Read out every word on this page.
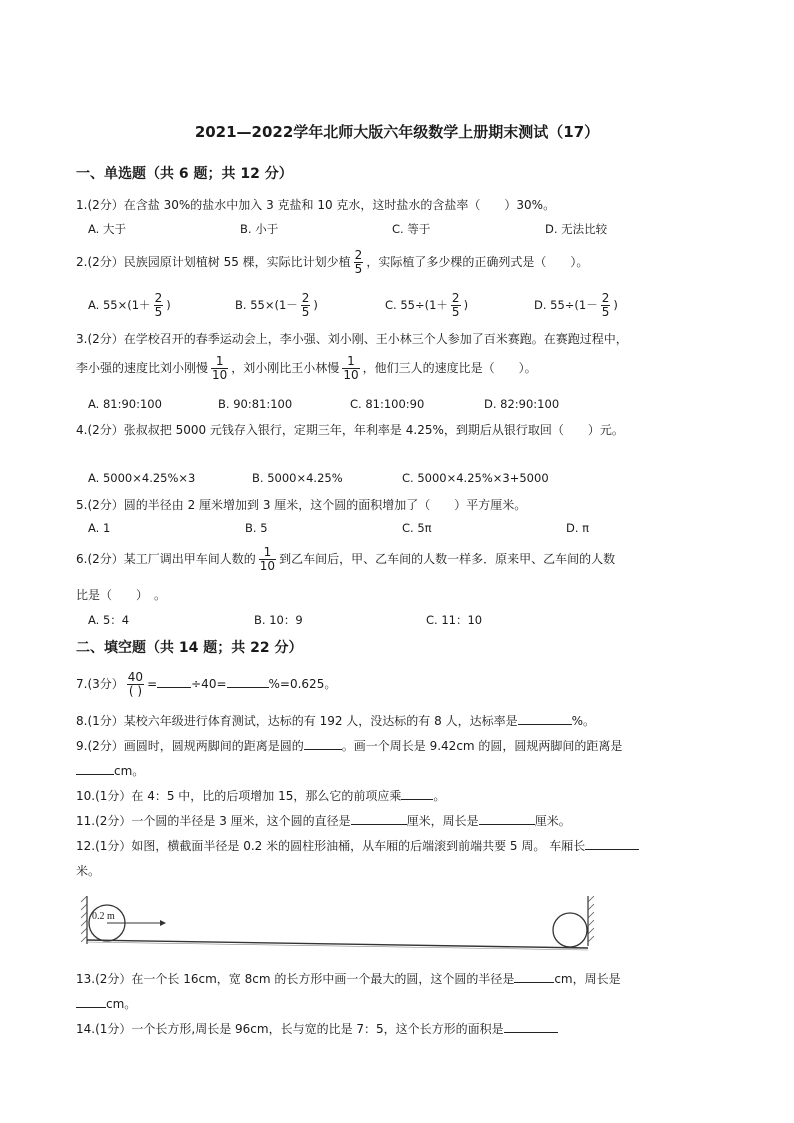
2021—2022学年北师大版六年级数学上册期末测试（17）
一、单选题（共 6 题；共 12 分）
1.(2分）在含盐 30%的盐水中加入 3 克盐和 10 克水，这时盐水的含盐率（　　）30%。
A. 大于	B. 小于	C. 等于	D. 无法比较
2.(2分）民族园原计划植树 55 棵，实际比计划少植 $\frac{2}{5}$ ，实际植了多少棵的正确列式是（　　）。
A. $55\times(1+ \frac{2}{5}$ )	B. $55\times(1- \frac{2}{5}$ )	C. $55\div(1+ \frac{2}{5}$ )	D. $55\div(1- \frac{2}{5}$ )
3.(2分）在学校召开的春季运动会上，李小强、刘小刚、王小林三个人参加了百米赛跑。在赛跑过程中，
李小强的速度比刘小刚慢 $\frac{1}{10}$ ，刘小刚比王小林慢 $\frac{1}{10}$ ，他们三人的速度比是（　　）。
A. 81:90:100	B. 90:81:100	C. 81:100:90	D. 82:90:100
4.(2分）张叔叔把 5000 元钱存入银行，定期三年，年利率是 4.25%，到期后从银行取回（　　）元。
A. 5000×4.25%×3	B. 5000×4.25%	C. 5000×4.25%×3+5000
5.(2分）圆的半径由 2 厘米增加到 3 厘米，这个圆的面积增加了（　　）平方厘米。
A. 1	B. 5	C. 5π	D. π
6.(2分）某工厂调出甲车间人数的 $\frac{1}{10}$ 到乙车间后，甲、乙车间的人数一样多．原来甲、乙车间的人数
比是（　　）　。
A. 5：4	B. 10：9	C. 11：10
二、填空题（共 14 题；共 22 分）
7.(3分） $\frac{40}{( )}$ =	÷40=	%=0.625。
8.(1分）某校六年级进行体育测试，达标的有 192 人，没达标的有 8 人，达标率是	%。
9.(2分）画圆时，圆规两脚间的距离是圆的	。画一个周长是 9.42cm 的圆，圆规两脚间的距离是
cm。
10.(1分）在 4：5 中，比的后项增加 15，那么它的前项应乘	。
11.(2分）一个圆的半径是 3 厘米，这个圆的直径是	厘米，周长是	厘米。
12.(1分）如图，横截面半径是 0.2 米的圆柱形油桶，从车厢的后端滚到前端共要 5 周。 车厢长
米。
0.2 m
13.(2分）在一个长 16cm，宽 8cm 的长方形中画一个最大的圆，这个圆的半径是	cm，周长是
cm。
14.(1分）一个长方形,周长是 96cm，长与宽的比是 7：5，这个长方形的面积是
